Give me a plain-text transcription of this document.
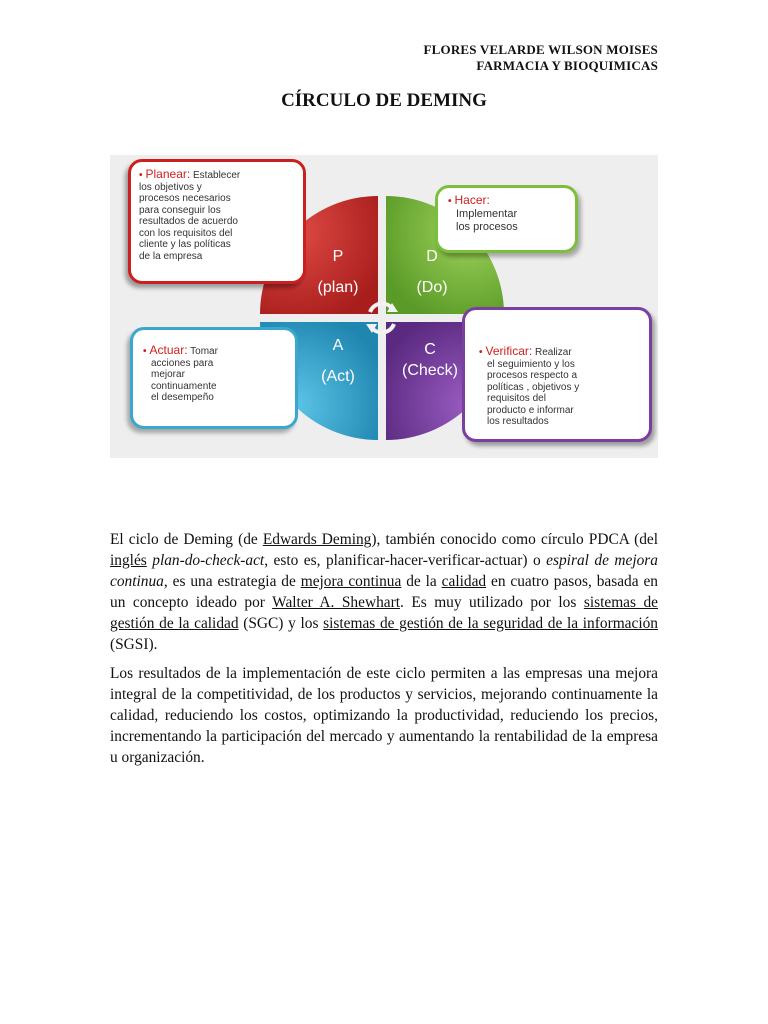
FLORES VELARDE WILSON MOISES
FARMACIA Y BIOQUIMICAS
CÍRCULO DE DEMING
P
(plan)
D
(Do)
A
(Act)
C
(Check)
• Planear: Establecer
los objetivos y
procesos necesarios
para conseguir los
resultados de acuerdo
con los requisitos del
cliente y las políticas
de la empresa
• Hacer:
Implementar
los procesos
• Actuar: Tomar
acciones para
mejorar
continuamente
el desempeño
• Verificar: Realizar
el seguimiento y los
procesos respecto a
políticas , objetivos y
requisitos del
producto e informar
los resultados

El ciclo de Deming (de Edwards Deming), también conocido como círculo PDCA (del inglés plan-do-check-act, esto es, planificar-hacer-verificar-actuar) o espiral de mejora continua, es una estrategia de mejora continua de la calidad en cuatro pasos, basada en un concepto ideado por Walter A. Shewhart. Es muy utilizado por los sistemas de gestión de la calidad (SGC) y los sistemas de gestión de la seguridad de la información (SGSI).

Los resultados de la implementación de este ciclo permiten a las empresas una mejora integral de la competitividad, de los productos y servicios, mejorando continuamente la calidad, reduciendo los costos, optimizando la productividad, reduciendo los precios, incrementando la participación del mercado y aumentando la rentabilidad de la empresa u organización.
